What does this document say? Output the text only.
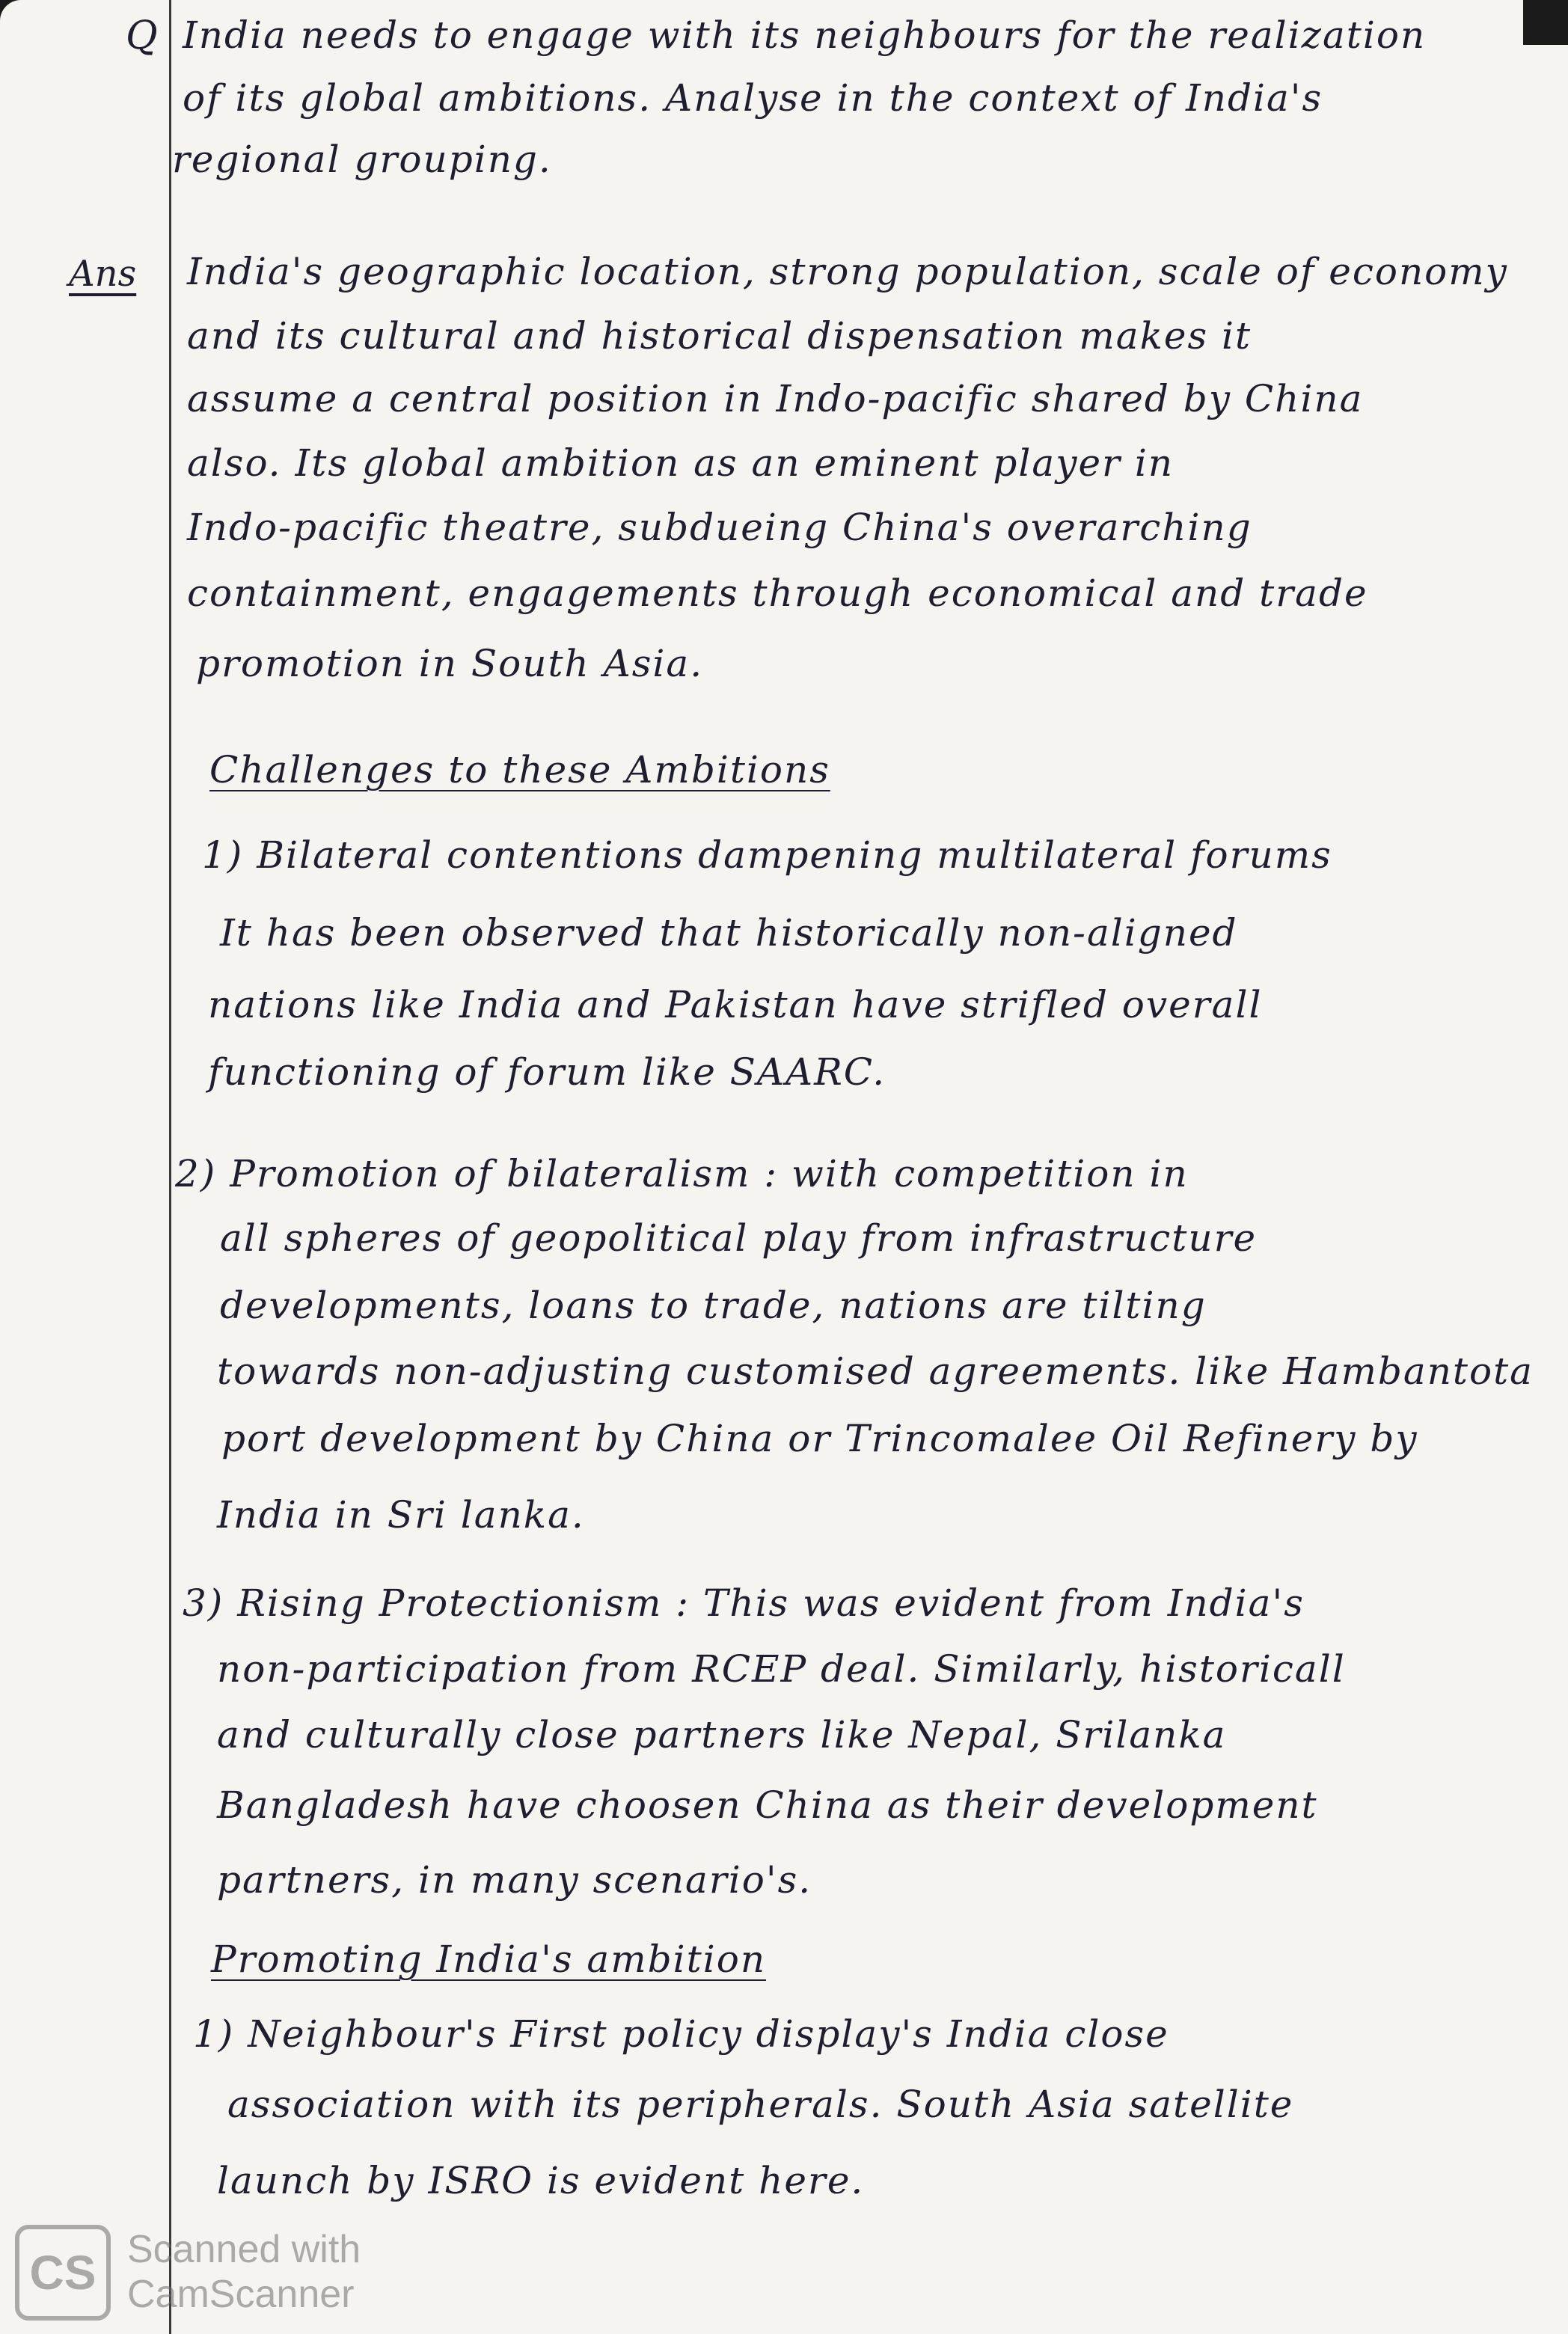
Q India needs to engage with its neighbours for the realization

of its global ambitions. Analyse in the context of India's

regional grouping.

Ans India's geographic location, strong population, scale of economy

and its cultural and historical dispensation makes it

assume a central position in Indo-pacific shared by China

also. Its global ambition as an eminent player in

Indo-pacific theatre, subdueing China's overarching

containment, engagements through economical and trade

promotion in South Asia.

Challenges to these Ambitions

1) Bilateral contentions dampening multilateral forums

It has been observed that historically non-aligned

nations like India and Pakistan have strifled overall

functioning of forum like SAARC.

2) Promotion of bilateralism : with competition in

all spheres of geopolitical play from infrastructure

developments, loans to trade, nations are tilting

towards non-adjusting customised agreements. like Hambantota

port development by China or Trincomalee Oil Refinery by

India in Sri lanka.

3) Rising Protectionism : This was evident from India's

non-participation from RCEP deal. Similarly, historicall

and culturally close partners like Nepal, Srilanka

Bangladesh have choosen China as their development

partners, in many scenario's.

Promoting India's ambition

1) Neighbour's First policy display's India close

association with its peripherals. South Asia satellite

launch by ISRO is evident here.

CS Scanned with
CamScanner
